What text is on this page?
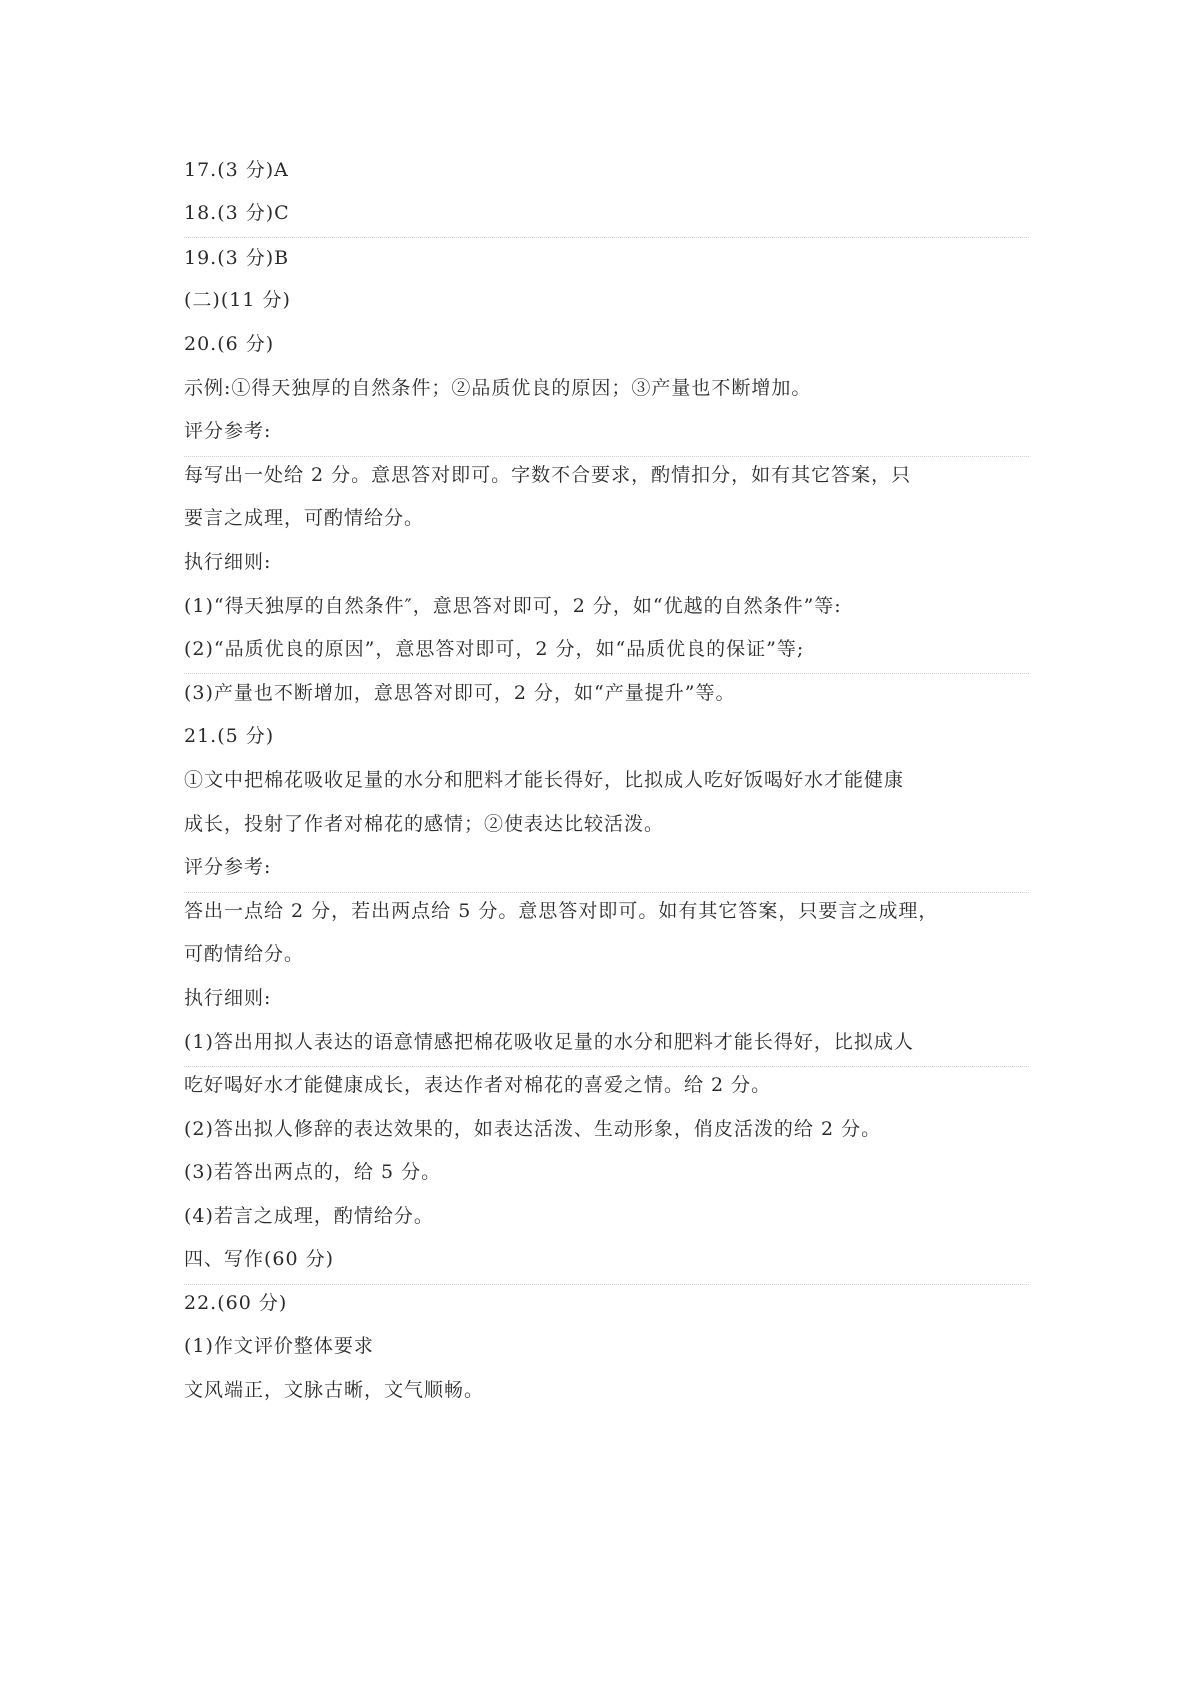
17.(3 分)A
18.(3 分)C
19.(3 分)B
(二)(11 分)
20.(6 分)
示例:①得天独厚的自然条件；②品质优良的原因；③产量也不断增加。
评分参考:
每写出一处给 2 分。意思答对即可。字数不合要求，酌情扣分，如有其它答案，只
要言之成理，可酌情给分。
执行细则:
(1)“得天独厚的自然条件″，意思答对即可，2 分，如“优越的自然条件”等:
(2)“品质优良的原因”，意思答对即可，2 分，如“品质优良的保证”等;
(3)产量也不断增加，意思答对即可，2 分，如“产量提升”等。
21.(5 分)
①文中把棉花吸收足量的水分和肥料才能长得好，比拟成人吃好饭喝好水才能健康
成长，投射了作者对棉花的感情；②使表达比较活泼。
评分参考:
答出一点给 2 分，若出两点给 5 分。意思答对即可。如有其它答案，只要言之成理，
可酌情给分。
执行细则:
(1)答出用拟人表达的语意情感把棉花吸收足量的水分和肥料才能长得好，比拟成人
吃好喝好水才能健康成长，表达作者对棉花的喜爱之情。给 2 分。
(2)答出拟人修辞的表达效果的，如表达活泼、生动形象，俏皮活泼的给 2 分。
(3)若答出两点的，给 5 分。
(4)若言之成理，酌情给分。
四、写作(60 分)
22.(60 分)
(1)作文评价整体要求
文风端正，文脉古晰，文气顺畅。
